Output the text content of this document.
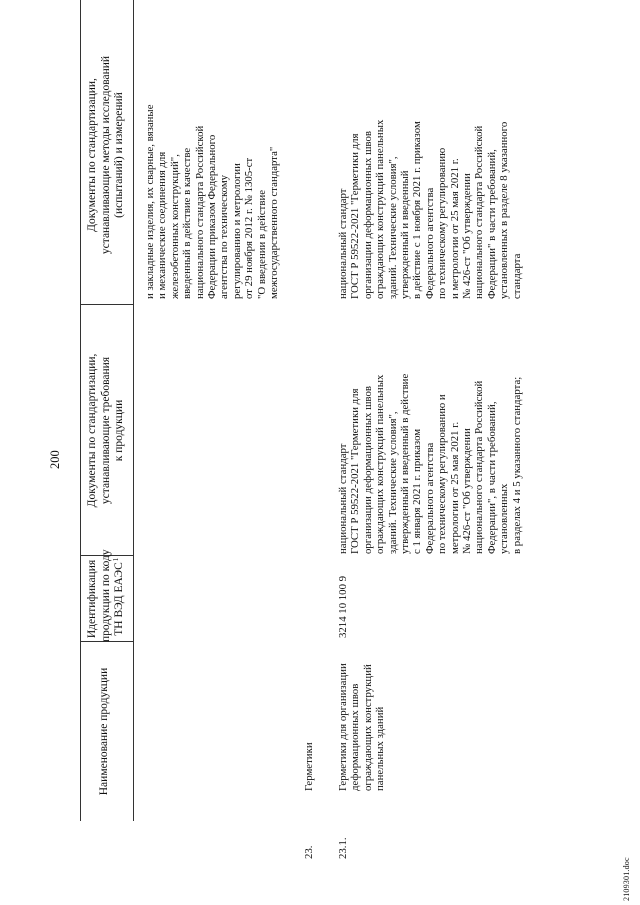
200
Наименование продукции
Идентификация
продукции по коду
ТН ВЭД ЕАЭС
1
Документы по стандартизации,
устанавливающие требования
к продукции
Документы по стандартизации,
устанавливающие методы исследований
(испытаний) и измерений
и закладные изделия, их сварные, вязаные
и механические соединения для
железобетонных конструкций",
введенный в действие в качестве
национального стандарта Российской
Федерации приказом Федерального
агентства по техническому
регулированию и метрологии
от 29 ноября 2012 г. № 1305-ст
"О введении в действие
межгосударственного стандарта"
23.
Герметики
23.1.
Герметики для организации
деформационных швов
ограждающих конструкций
панельных зданий
3214 10 100 9
национальный стандарт
ГОСТ Р 59522-2021 "Герметики для
организации деформационных швов
ограждающих конструкций панельных
зданий. Технические условия",
утвержденный и введенный в действие
с 1 января 2021 г. приказом
Федерального агентства
по техническому регулированию и
метрологии от 25 мая 2021 г.
№ 426-ст "Об утверждении
национального стандарта Российской
Федерации", в части требований,
установленных
в разделах 4 и 5 указанного стандарта;
национальный стандарт
ГОСТ Р 59522-2021 "Герметики для
организации деформационных швов
ограждающих конструкций панельных
зданий. Технические условия",
утвержденный и введенный
в действие с 1 ноября 2021 г. приказом
Федерального агентства
по техническому регулированию
и метрологии от 25 мая 2021 г.
№ 426-ст "Об утверждении
национального стандарта Российской
Федерации" в части требований,
установленных в разделе 8 указанного
стандарта
2109301.doc
